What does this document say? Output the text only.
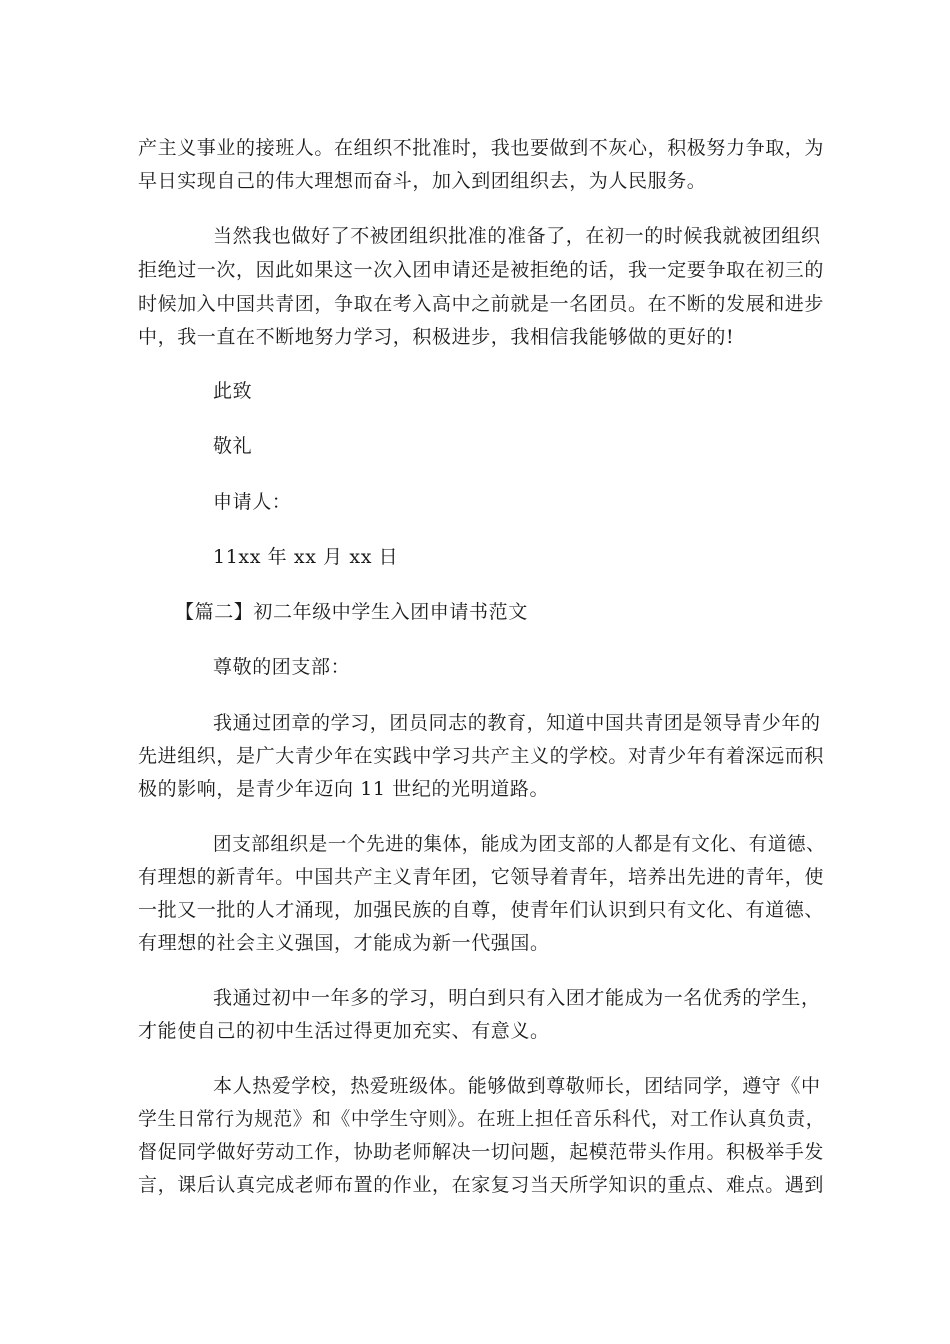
产主义事业的接班人。在组织不批准时，我也要做到不灰心，积极努力争取，为
早日实现自己的伟大理想而奋斗，加入到团组织去，为人民服务。
当然我也做好了不被团组织批准的准备了，在初一的时候我就被团组织
拒绝过一次，因此如果这一次入团申请还是被拒绝的话，我一定要争取在初三的
时候加入中国共青团，争取在考入高中之前就是一名团员。在不断的发展和进步
中，我一直在不断地努力学习，积极进步，我相信我能够做的更好的!
此致
敬礼
申请人：
11xx 年 xx 月 xx 日
【篇二】初二年级中学生入团申请书范文
尊敬的团支部：
我通过团章的学习，团员同志的教育，知道中国共青团是领导青少年的
先进组织，是广大青少年在实践中学习共产主义的学校。对青少年有着深远而积
极的影响，是青少年迈向 11 世纪的光明道路。
团支部组织是一个先进的集体，能成为团支部的人都是有文化、有道德、
有理想的新青年。中国共产主义青年团，它领导着青年，培养出先进的青年，使
一批又一批的人才涌现，加强民族的自尊，使青年们认识到只有文化、有道德、
有理想的社会主义强国，才能成为新一代强国。
我通过初中一年多的学习，明白到只有入团才能成为一名优秀的学生，
才能使自己的初中生活过得更加充实、有意义。
本人热爱学校，热爱班级体。能够做到尊敬师长，团结同学，遵守《中
学生日常行为规范》和《中学生守则》。在班上担任音乐科代，对工作认真负责，
督促同学做好劳动工作，协助老师解决一切问题，起模范带头作用。积极举手发
言，课后认真完成老师布置的作业，在家复习当天所学知识的重点、难点。遇到
